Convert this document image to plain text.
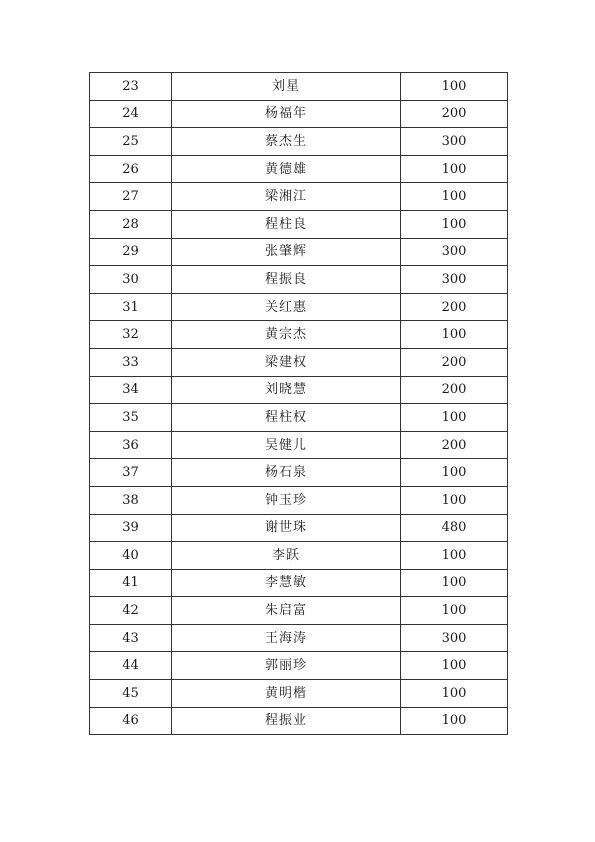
23	刘星	100
24	杨福年	200
25	蔡杰生	300
26	黄德雄	100
27	梁湘江	100
28	程柱良	100
29	张肇辉	300
30	程振良	300
31	关红惠	200
32	黄宗杰	100
33	梁建权	200
34	刘晓慧	200
35	程柱权	100
36	吴健儿	200
37	杨石泉	100
38	钟玉珍	100
39	谢世珠	480
40	李跃	100
41	李慧敏	100
42	朱启富	100
43	王海涛	300
44	郭丽珍	100
45	黄明楷	100
46	程振业	100
